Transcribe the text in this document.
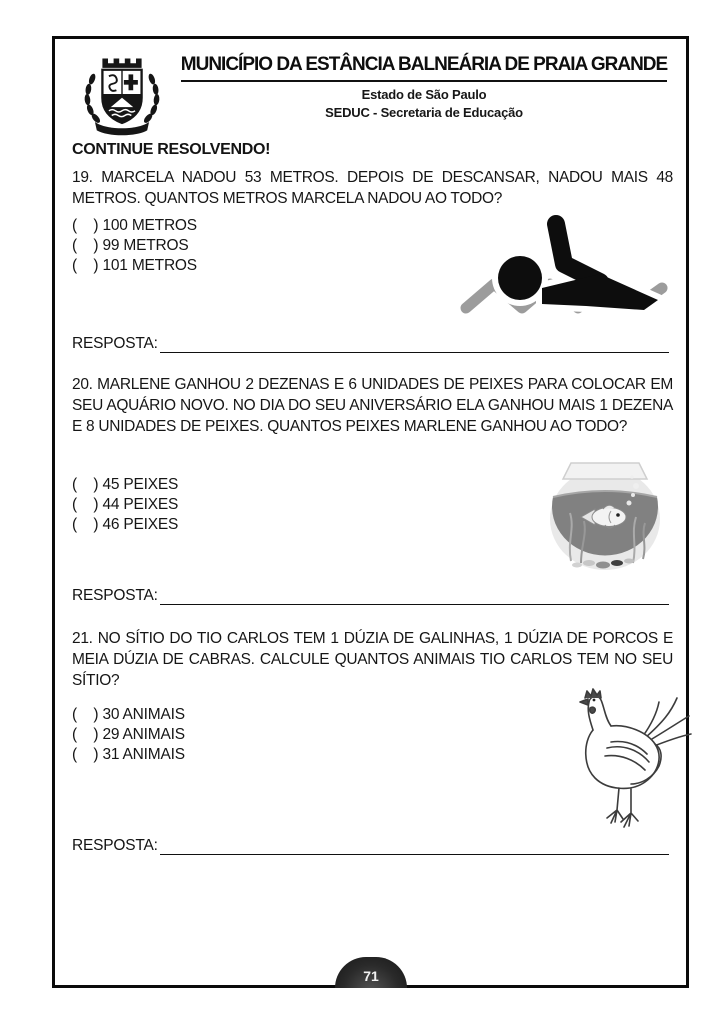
MUNICÍPIO DA ESTÂNCIA BALNEÁRIA DE PRAIA GRANDE
Estado de São Paulo
SEDUC - Secretaria de Educação
CONTINUE RESOLVENDO!
19. MARCELA NADOU 53 METROS. DEPOIS DE DESCANSAR, NADOU MAIS 48 METROS. QUANTOS METROS MARCELA NADOU AO TODO?
(    ) 100 METROS
(    ) 99 METROS
(    ) 101 METROS
RESPOSTA:
20. MARLENE GANHOU 2 DEZENAS E 6 UNIDADES DE PEIXES PARA COLOCAR EM SEU AQUÁRIO NOVO. NO DIA DO SEU ANIVERSÁRIO ELA GANHOU MAIS 1 DEZENA E 8 UNIDADES DE PEIXES. QUANTOS PEIXES MARLENE GANHOU AO TODO?
(    ) 45 PEIXES
(    ) 44 PEIXES
(    ) 46 PEIXES
RESPOSTA:
21. NO SÍTIO DO TIO CARLOS TEM 1 DÚZIA DE GALINHAS, 1 DÚZIA DE PORCOS E MEIA DÚZIA DE CABRAS. CALCULE QUANTOS ANIMAIS TIO CARLOS TEM NO SEU SÍTIO?
(    ) 30 ANIMAIS
(    ) 29 ANIMAIS
(    ) 31 ANIMAIS
RESPOSTA:
71
